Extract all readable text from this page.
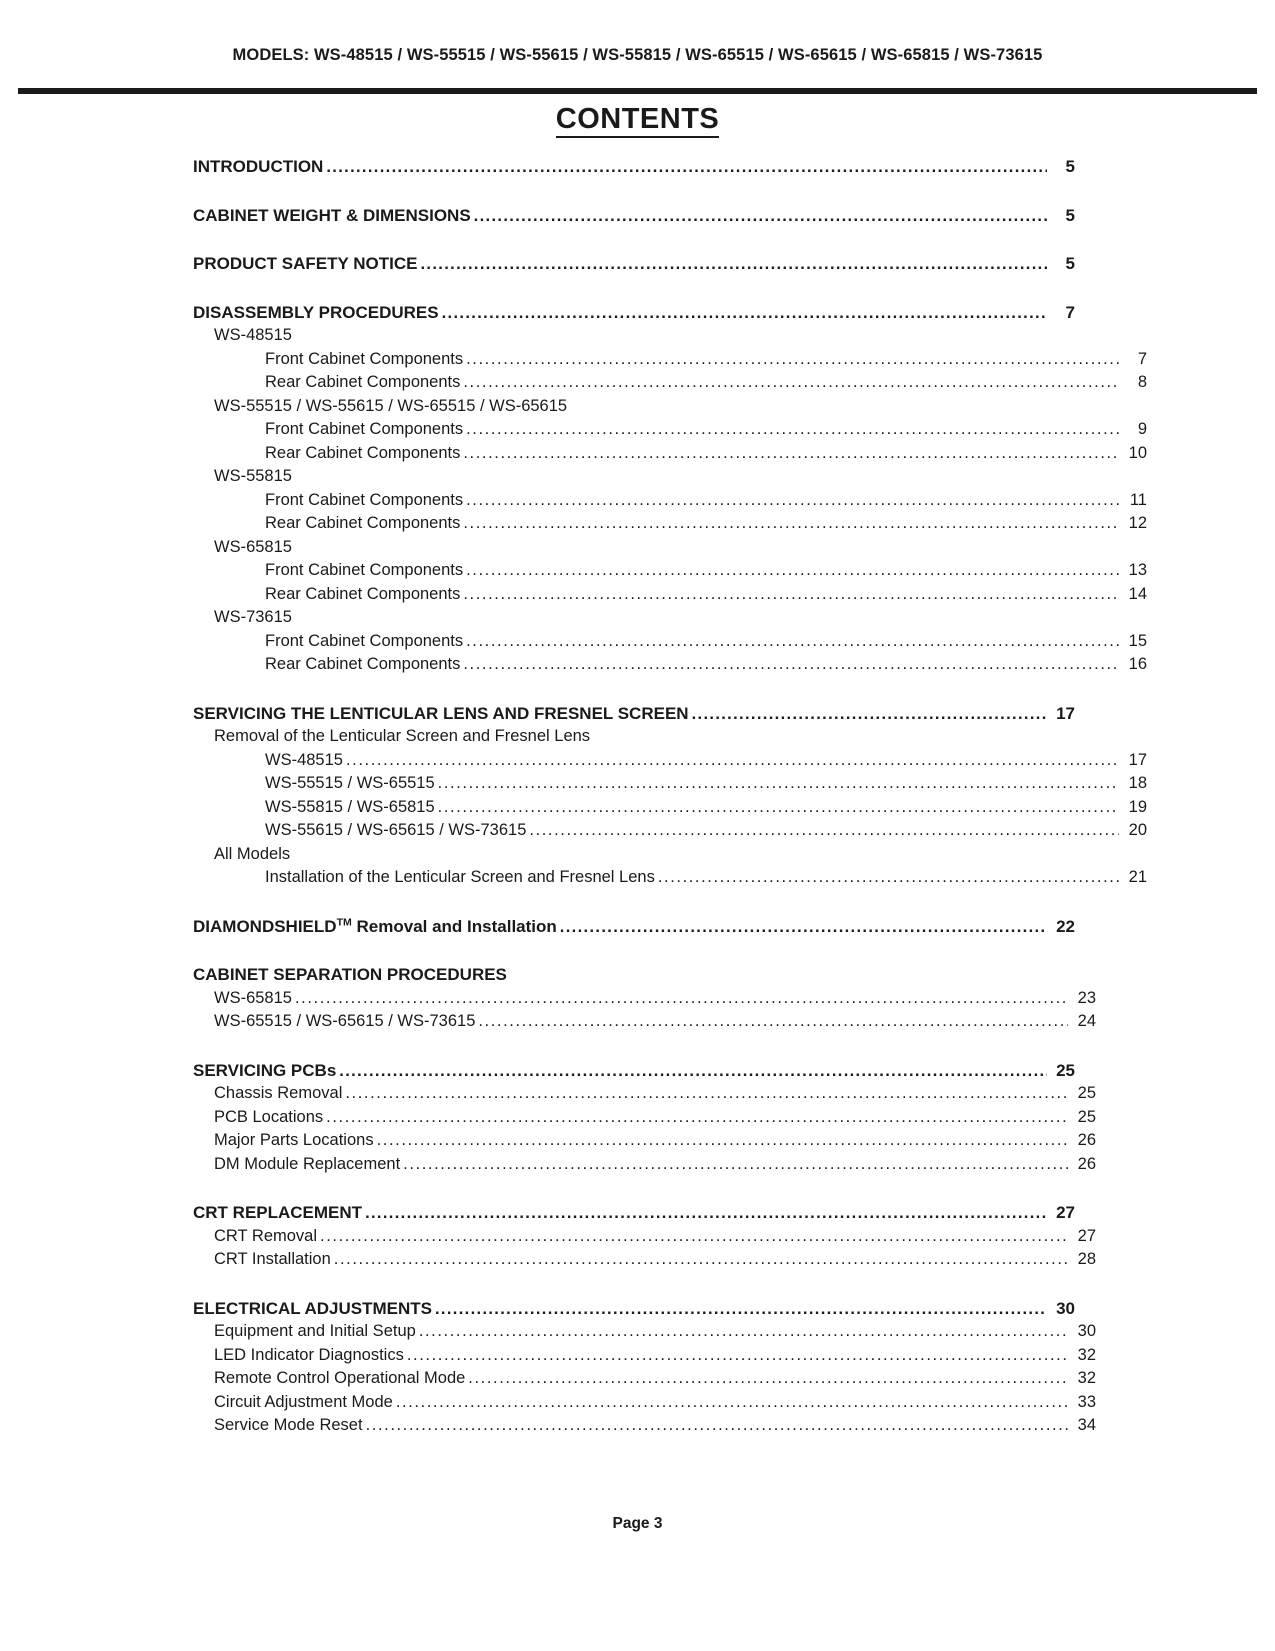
MODELS: WS-48515 / WS-55515 / WS-55615 / WS-55815 / WS-65515 / WS-65615 / WS-65815 / WS-73615
CONTENTS
INTRODUCTION .....	5
CABINET WEIGHT & DIMENSIONS .....	5
PRODUCT SAFETY NOTICE .....	5
DISASSEMBLY PROCEDURES .....	7
WS-48515
Front Cabinet Components .....	7
Rear Cabinet Components .....	8
WS-55515 / WS-55615 / WS-65515 / WS-65615
Front Cabinet Components .....	9
Rear Cabinet Components .....	10
WS-55815
Front Cabinet Components .....	11
Rear Cabinet Components .....	12
WS-65815
Front Cabinet Components .....	13
Rear Cabinet Components .....	14
WS-73615
Front Cabinet Components .....	15
Rear Cabinet Components .....	16
SERVICING THE LENTICULAR LENS AND FRESNEL SCREEN .....	17
Removal of the Lenticular Screen and Fresnel Lens
WS-48515 .....	17
WS-55515 / WS-65515 .....	18
WS-55815 / WS-65815 .....	19
WS-55615 / WS-65615 / WS-73615 .....	20
All Models
Installation of the Lenticular Screen and Fresnel Lens .....	21
DIAMONDSHIELD™ Removal and Installation .....	22
CABINET SEPARATION PROCEDURES
WS-65815 .....	23
WS-65515 / WS-65615 / WS-73615 .....	24
SERVICING PCBs .....	25
Chassis Removal .....	25
PCB Locations .....	25
Major Parts Locations .....	26
DM Module Replacement .....	26
CRT REPLACEMENT .....	27
CRT Removal .....	27
CRT Installation .....	28
ELECTRICAL ADJUSTMENTS .....	30
Equipment and Initial Setup .....	30
LED Indicator Diagnostics .....	32
Remote Control Operational Mode .....	32
Circuit Adjustment Mode .....	33
Service Mode Reset .....	34
Page 3
